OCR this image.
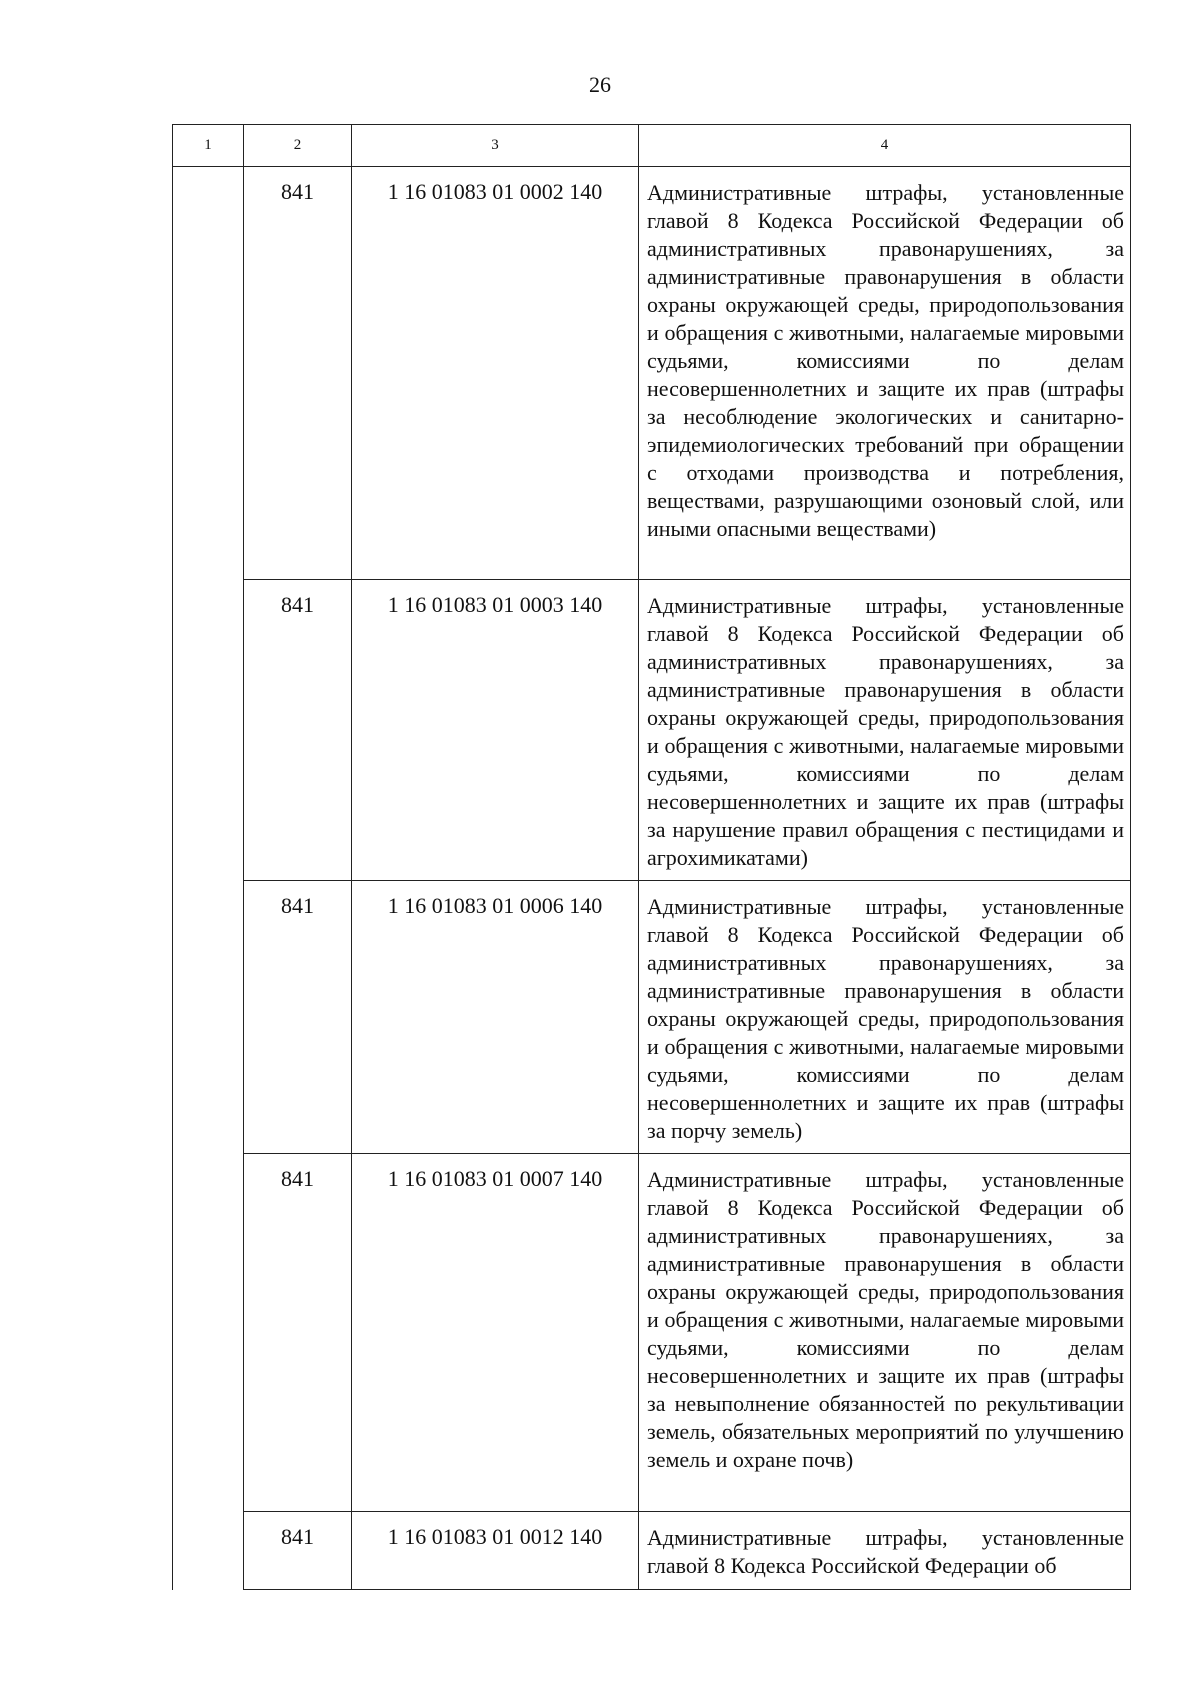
26
1	2	3	4
	841	1 16 01083 01 0002 140	Административные штрафы, установленные главой 8 Кодекса Российской Федерации об административных правонарушениях, за административные правонарушения в области охраны окружающей среды, природопользования и обращения с животными, налагаемые мировыми судьями, комиссиями по делам несовершеннолетних и защите их прав (штрафы за несоблюдение экологических и санитарно-эпидемиологических требований при обращении с отходами производства и потребления, веществами, разрушающими озоновый слой, или иными опасными веществами)
	841	1 16 01083 01 0003 140	Административные штрафы, установленные главой 8 Кодекса Российской Федерации об административных правонарушениях, за административные правонарушения в области охраны окружающей среды, природопользования и обращения с животными, налагаемые мировыми судьями, комиссиями по делам несовершеннолетних и защите их прав (штрафы за нарушение правил обращения с пестицидами и агрохимикатами)
	841	1 16 01083 01 0006 140	Административные штрафы, установленные главой 8 Кодекса Российской Федерации об административных правонарушениях, за административные правонарушения в области охраны окружающей среды, природопользования и обращения с животными, налагаемые мировыми судьями, комиссиями по делам несовершеннолетних и защите их прав (штрафы за порчу земель)
	841	1 16 01083 01 0007 140	Административные штрафы, установленные главой 8 Кодекса Российской Федерации об административных правонарушениях, за административные правонарушения в области охраны окружающей среды, природопользования и обращения с животными, налагаемые мировыми судьями, комиссиями по делам несовершеннолетних и защите их прав (штрафы за невыполнение обязанностей по рекультивации земель, обязательных мероприятий по улучшению земель и охране почв)
	841	1 16 01083 01 0012 140	Административные штрафы, установленные главой 8 Кодекса Российской Федерации об
